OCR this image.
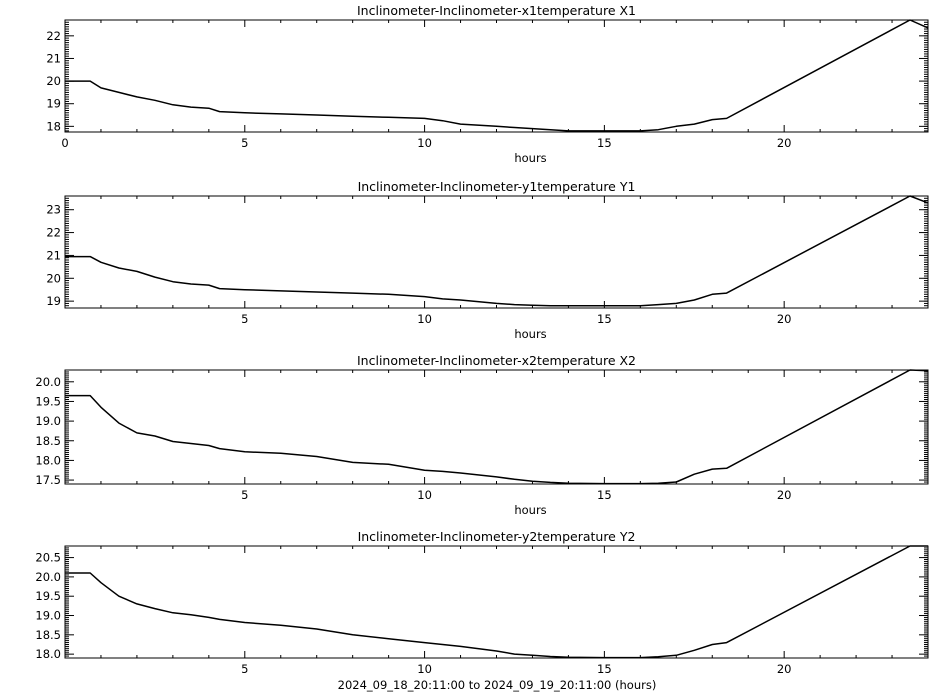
2024_09_18_20:11:00 to 2024_09_19_20:11:00 (hours)
Inclinometer-Inclinometer-x1temperature X1
0	5	10	15	20
18
19
20
21
22
hours
Inclinometer-Inclinometer-y1temperature Y1
5	10	15	20
19
20
21
22
23
hours
Inclinometer-Inclinometer-x2temperature X2
5	10	15	20
17.5
18.0
18.5
19.0
19.5
20.0
hours
Inclinometer-Inclinometer-y2temperature Y2
5	10	15	20
18.0
18.5
19.0
19.5
20.0
20.5
